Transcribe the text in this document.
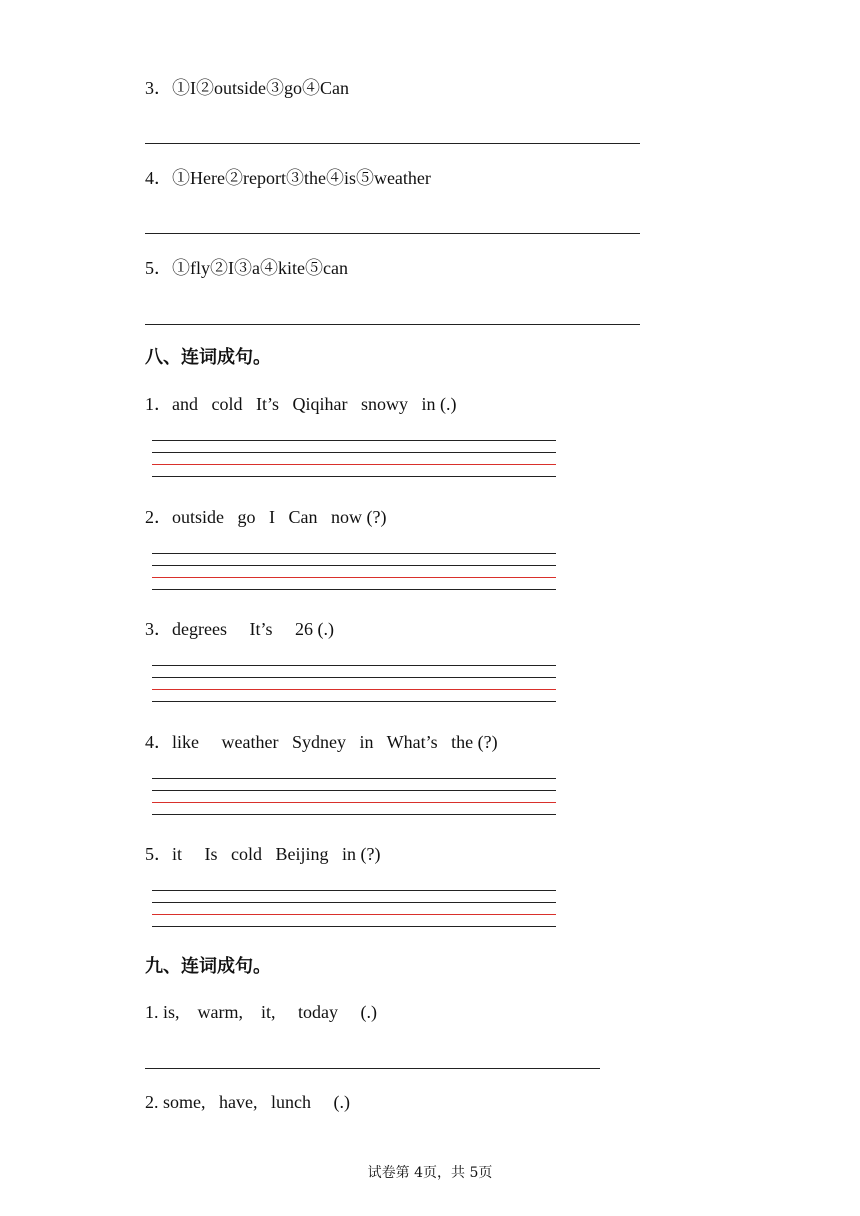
3．①I②outside③go④Can
4．①Here②report③the④is⑤weather
5．①fly②I③a④kite⑤can
八、连词成句。
1．and   cold   It’s   Qiqihar   snowy   in (.)
2．outside   go   I   Can   now (?)
3．degrees     It’s     26 (.)
4．like     weather   Sydney   in   What’s   the (?)
5．it     Is   cold   Beijing   in (?)
九、连词成句。
1. is,    warm,    it,     today     (.)
2. some,   have,   lunch     (.)
试卷第 4页，共 5页
